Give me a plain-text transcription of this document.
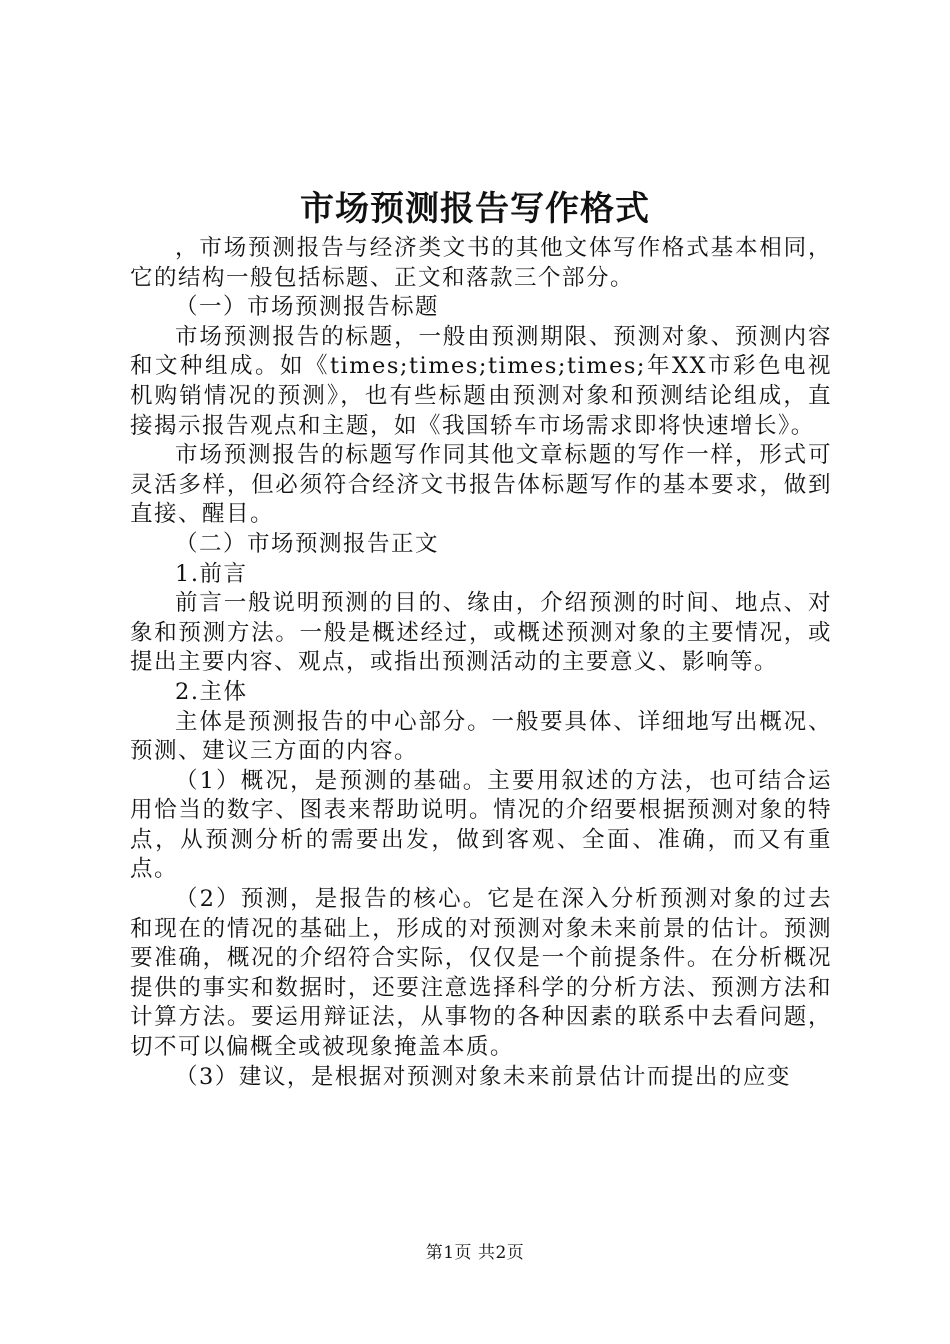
市场预测报告写作格式

，市场预测报告与经济类文书的其他文体写作格式基本相同，它的结构一般包括标题、正文和落款三个部分。

（一）市场预测报告标题

市场预测报告的标题，一般由预测期限、预测对象、预测内容和文种组成。如《times;times;times;times;年XX市彩色电视机购销情况的预测》，也有些标题由预测对象和预测结论组成，直接揭示报告观点和主题，如《我国轿车市场需求即将快速增长》。

市场预测报告的标题写作同其他文章标题的写作一样，形式可灵活多样，但必须符合经济文书报告体标题写作的基本要求，做到直接、醒目。

（二）市场预测报告正文

1.前言

前言一般说明预测的目的、缘由，介绍预测的时间、地点、对象和预测方法。一般是概述经过，或概述预测对象的主要情况，或提出主要内容、观点，或指出预测活动的主要意义、影响等。

2.主体

主体是预测报告的中心部分。一般要具体、详细地写出概况、预测、建议三方面的内容。

（1）概况，是预测的基础。主要用叙述的方法，也可结合运用恰当的数字、图表来帮助说明。情况的介绍要根据预测对象的特点，从预测分析的需要出发，做到客观、全面、准确，而又有重点。

（2）预测，是报告的核心。它是在深入分析预测对象的过去和现在的情况的基础上，形成的对预测对象未来前景的估计。预测要准确，概况的介绍符合实际，仅仅是一个前提条件。在分析概况提供的事实和数据时，还要注意选择科学的分析方法、预测方法和计算方法。要运用辩证法，从事物的各种因素的联系中去看问题，切不可以偏概全或被现象掩盖本质。

（3）建议，是根据对预测对象未来前景估计而提出的应变

第1页 共2页
